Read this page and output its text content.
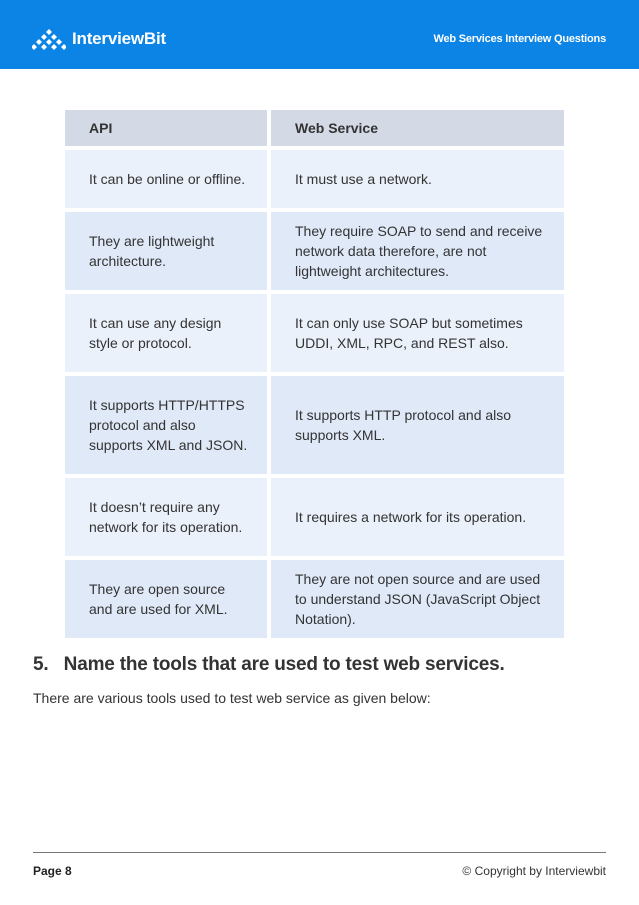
InterviewBit	Web Services Interview Questions
API	Web Service
It can be online or offline.	It must use a network.
They are lightweight architecture.	They require SOAP to send and receive network data therefore, are not lightweight architectures.
It can use any design style or protocol.	It can only use SOAP but sometimes UDDI, XML, RPC, and REST also.
It supports HTTP/HTTPS protocol and also supports XML and JSON.	It supports HTTP protocol and also supports XML.
It doesn’t require any network for its operation.	It requires a network for its operation.
They are open source and are used for XML.	They are not open source and are used to understand JSON (JavaScript Object Notation).
5.   Name the tools that are used to test web services.
There are various tools used to test web service as given below:
Page 8	© Copyright by Interviewbit
